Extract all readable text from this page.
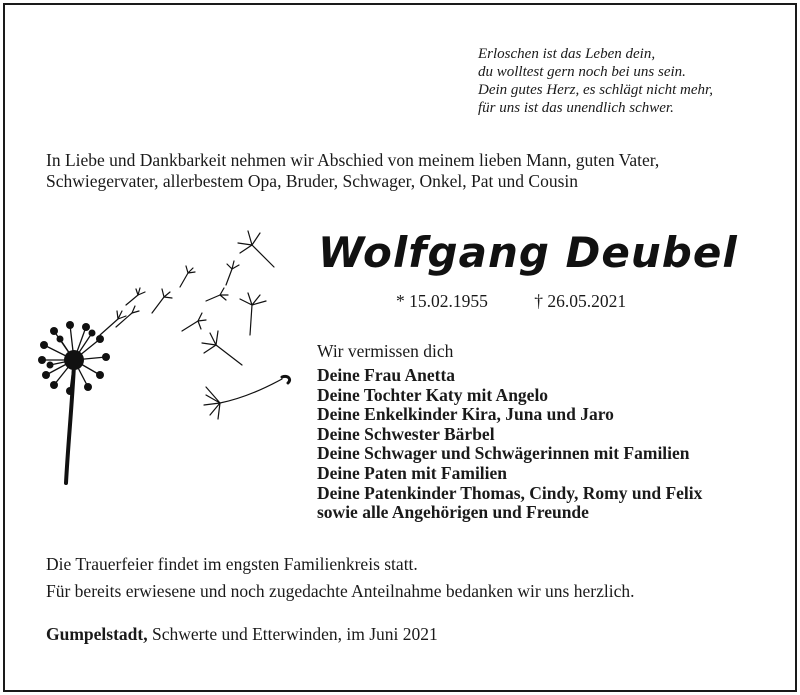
Erloschen ist das Leben dein,
du wolltest gern noch bei uns sein.
Dein gutes Herz, es schlägt nicht mehr,
für uns ist das unendlich schwer.
In Liebe und Dankbarkeit nehmen wir Abschied von meinem lieben Mann, guten Vater,
Schwiegervater, allerbestem Opa, Bruder, Schwager, Onkel, Pat und Cousin
Wolfgang Deubel
* 15.02.1955	† 26.05.2021
Wir vermissen dich
Deine Frau Anetta
Deine Tochter Katy mit Angelo
Deine Enkelkinder Kira, Juna und Jaro
Deine Schwester Bärbel
Deine Schwager und Schwägerinnen mit Familien
Deine Paten mit Familien
Deine Patenkinder Thomas, Cindy, Romy und Felix
sowie alle Angehörigen und Freunde
Die Trauerfeier findet im engsten Familienkreis statt.
Für bereits erwiesene und noch zugedachte Anteilnahme bedanken wir uns herzlich.
Gumpelstadt, Schwerte und Etterwinden, im Juni 2021
